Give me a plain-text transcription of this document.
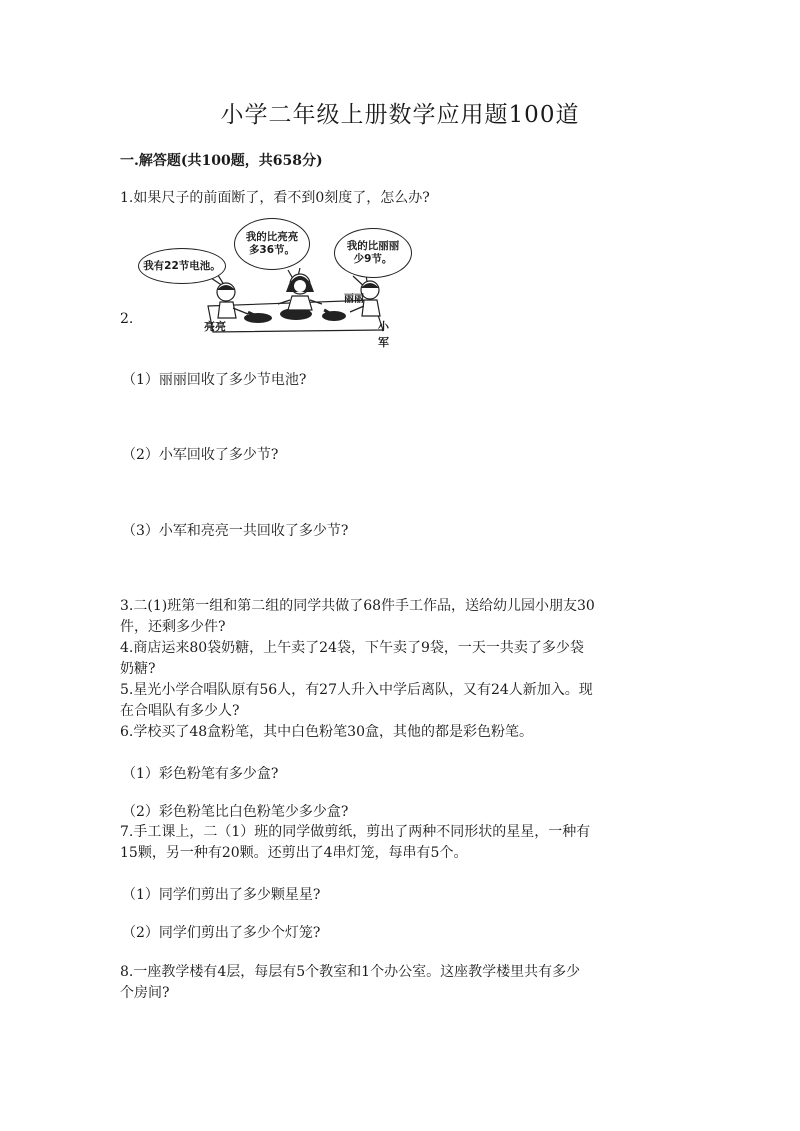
小学二年级上册数学应用题100道
一.解答题(共100题，共658分)
1.如果尺子的前面断了，看不到0刻度了，怎么办?
2.
我有22节电池。
我的比亮亮
多36节。	我的比丽丽
少9节。
亮亮
丽丽
小军
（1）丽丽回收了多少节电池?
（2）小军回收了多少节?
（3）小军和亮亮一共回收了多少节?
3.二(1)班第一组和第二组的同学共做了68件手工作品，送给幼儿园小朋友30
件，还剩多少件?
4.商店运来80袋奶糖，上午卖了24袋，下午卖了9袋，一天一共卖了多少袋
奶糖?
5.星光小学合唱队原有56人，有27人升入中学后离队，又有24人新加入。现
在合唱队有多少人?
6.学校买了48盒粉笔，其中白色粉笔30盒，其他的都是彩色粉笔。
（1）彩色粉笔有多少盒?
（2）彩色粉笔比白色粉笔少多少盒?
7.手工课上，二（1）班的同学做剪纸，剪出了两种不同形状的星星，一种有
15颗，另一种有20颗。还剪出了4串灯笼，每串有5个。
（1）同学们剪出了多少颗星星?
（2）同学们剪出了多少个灯笼?
8.一座教学楼有4层，每层有5个教室和1个办公室。这座教学楼里共有多少
个房间?
